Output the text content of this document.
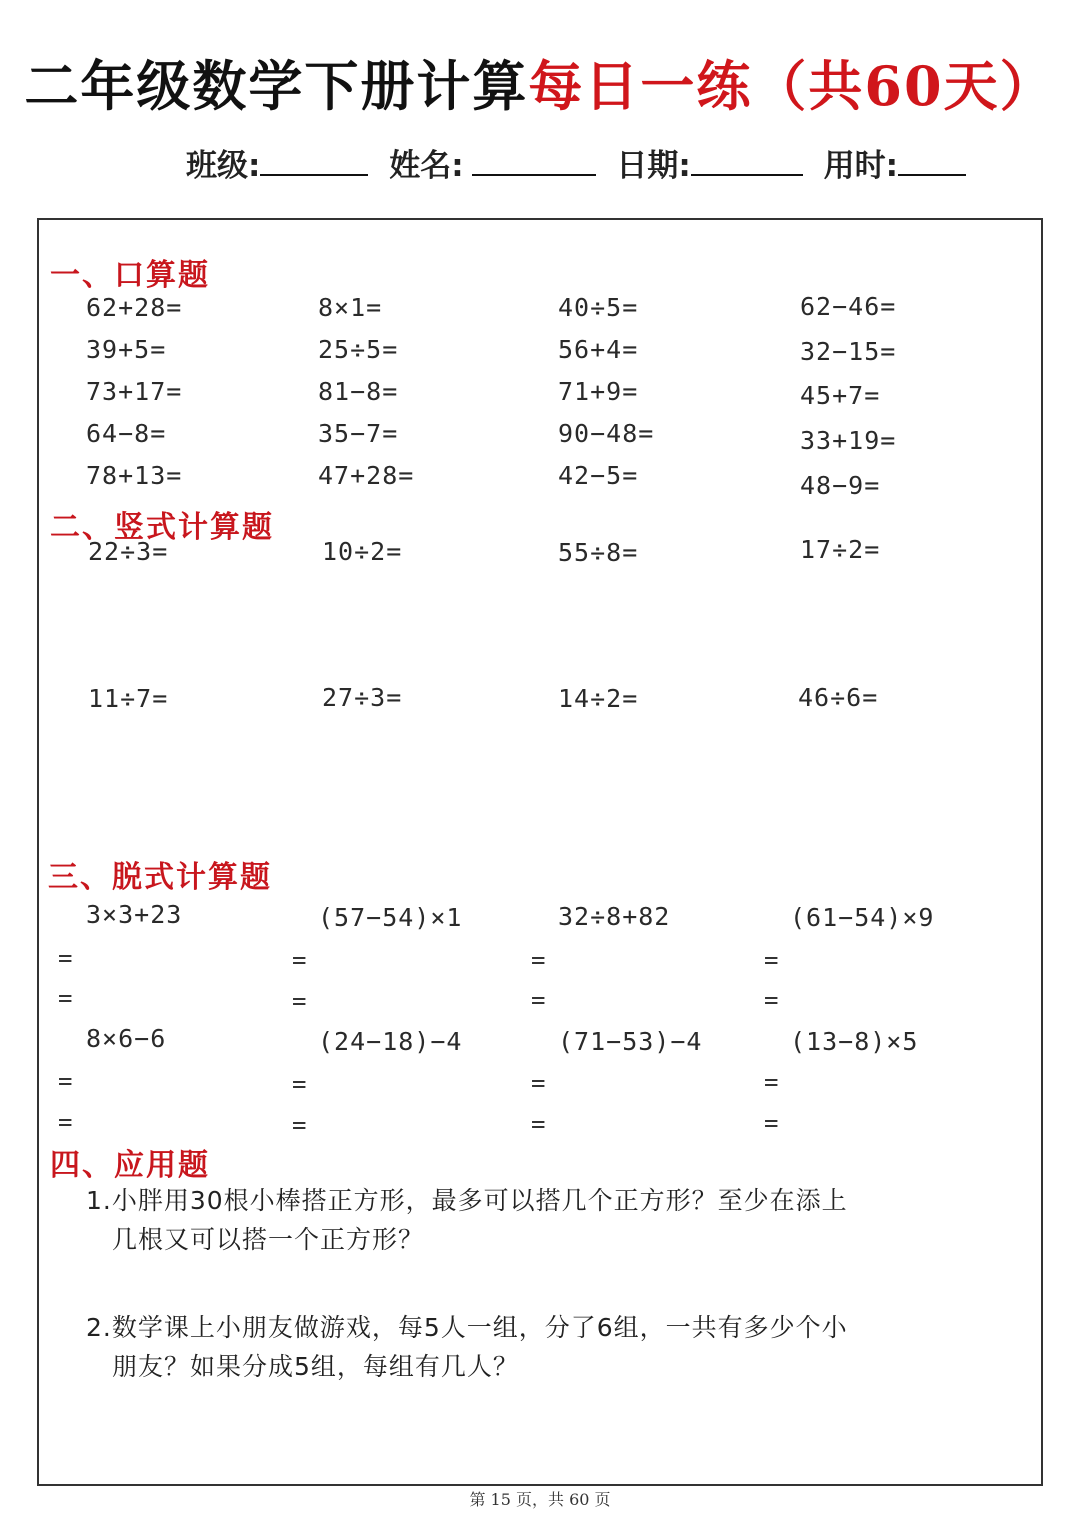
二年级数学下册计算每日一练（共60天）
班级:	姓名:	日期:	用时:
一、口算题
62+28=	8×1=	40÷5=	62−46=
39+5=	25÷5=	56+4=	32−15=
73+17=	81−8=	71+9=	45+7=
64−8=	35−7=	90−48=	33+19=
78+13=	47+28=	42−5=	48−9=
二、竖式计算题
22÷3=	10÷2=	55÷8=	17÷2=
11÷7=	27÷3=	14÷2=	46÷6=
三、脱式计算题
3×3+23	(57−54)×1	32÷8+82	(61−54)×9
=	=	=	=
=	=	=	=
8×6−6	(24−18)−4	(71−53)−4	(13−8)×5
=	=	=	=
=	=	=	=
四、应用题
1.小胖用30根小棒搭正方形，最多可以搭几个正方形？至少在添上
几根又可以搭一个正方形？
2.数学课上小朋友做游戏，每5人一组，分了6组，一共有多少个小
朋友？如果分成5组，每组有几人？
第 15 页，共 60 页
